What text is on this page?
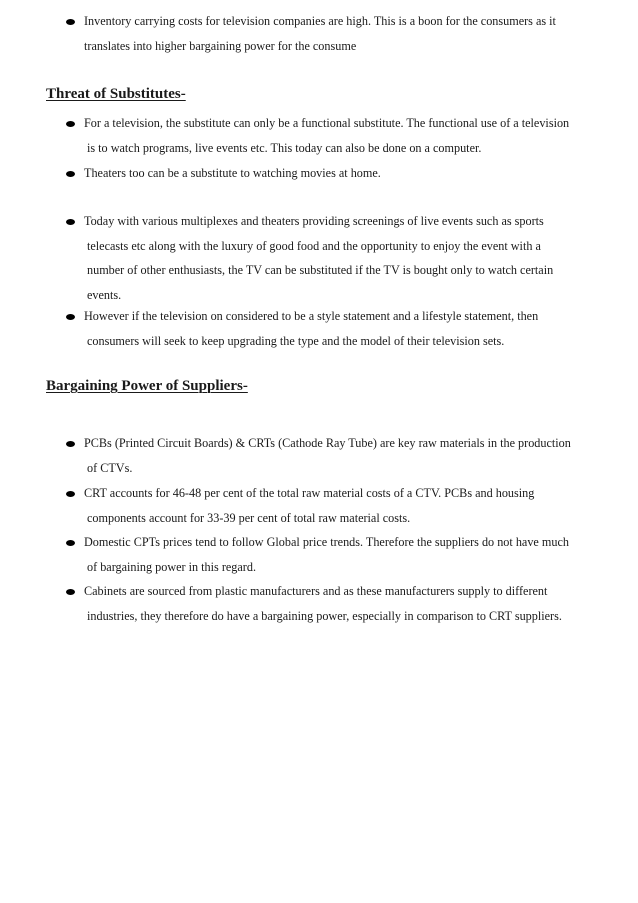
Inventory carrying costs for television companies are high. This is a boon for the consumers as it
translates into higher bargaining power for the consume

Threat of Substitutes-

For a television, the substitute can only be a functional substitute. The functional use of a television
is to watch programs, live events etc. This today can also be done on a computer.

Theaters too can be a substitute to watching movies at home.

Today with various multiplexes and theaters providing screenings of live events such as sports
telecasts etc along with the luxury of good food and the opportunity to enjoy the event with a
number of other enthusiasts, the TV can be substituted if the TV is bought only to watch certain
events.

However if the television on considered to be a style statement and a lifestyle statement, then
consumers will seek to keep upgrading the type and the model of their television sets.

Bargaining Power of Suppliers-

PCBs (Printed Circuit Boards) & CRTs (Cathode Ray Tube) are key raw materials in the production
of CTVs.

CRT accounts for 46-48 per cent of the total raw material costs of a CTV. PCBs and housing
components account for 33-39 per cent of total raw material costs.

Domestic CPTs prices tend to follow Global price trends. Therefore the suppliers do not have much
of bargaining power in this regard.

Cabinets are sourced from plastic manufacturers and as these manufacturers supply to different
industries, they therefore do have a bargaining power, especially in comparison to CRT suppliers.
